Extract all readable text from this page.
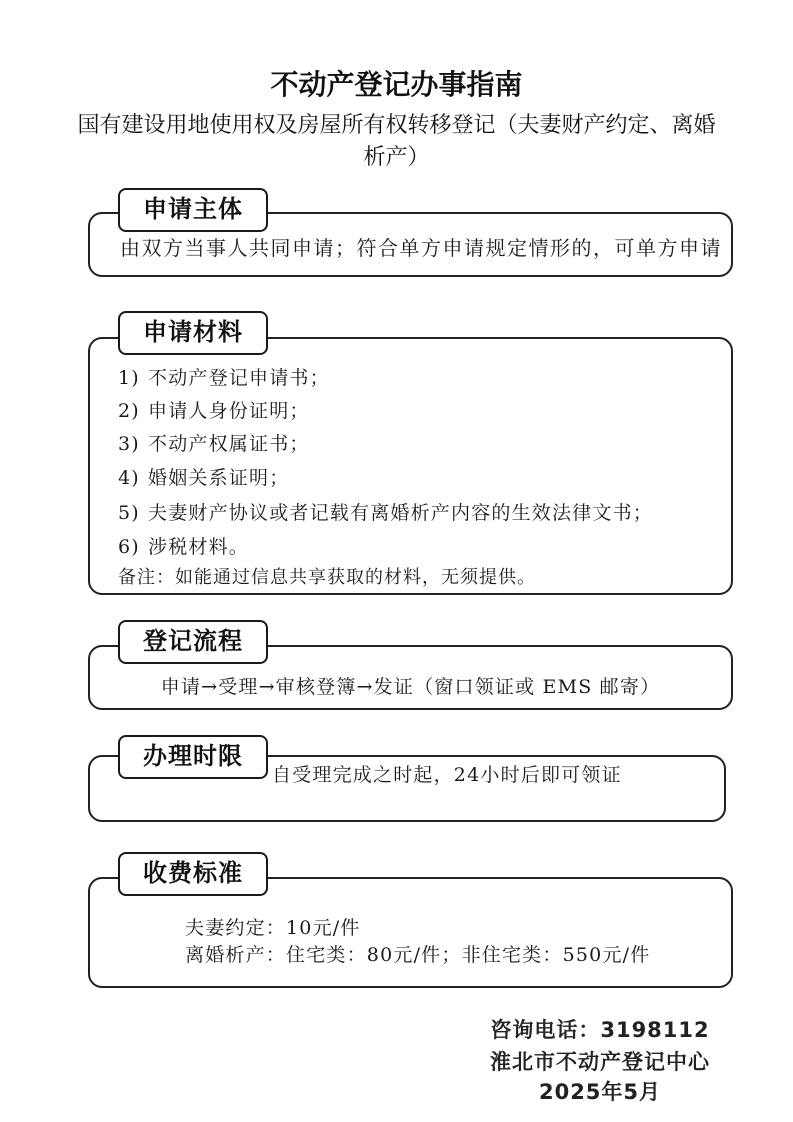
不动产登记办事指南
国有建设用地使用权及房屋所有权转移登记（夫妻财产约定、离婚
析产）
申请主体
由双方当事人共同申请；符合单方申请规定情形的，可单方申请
申请材料
1) 不动产登记申请书；
2) 申请人身份证明；
3) 不动产权属证书；
4) 婚姻关系证明；
5) 夫妻财产协议或者记载有离婚析产内容的生效法律文书；
6) 涉税材料。
备注：如能通过信息共享获取的材料，无须提供。
登记流程
申请→受理→审核登簿→发证（窗口领证或 EMS 邮寄）
办理时限
自受理完成之时起，24小时后即可领证
收费标准
夫妻约定：10元/件
离婚析产：住宅类：80元/件；非住宅类：550元/件
咨询电话：3198112
淮北市不动产登记中心
2025年5月
